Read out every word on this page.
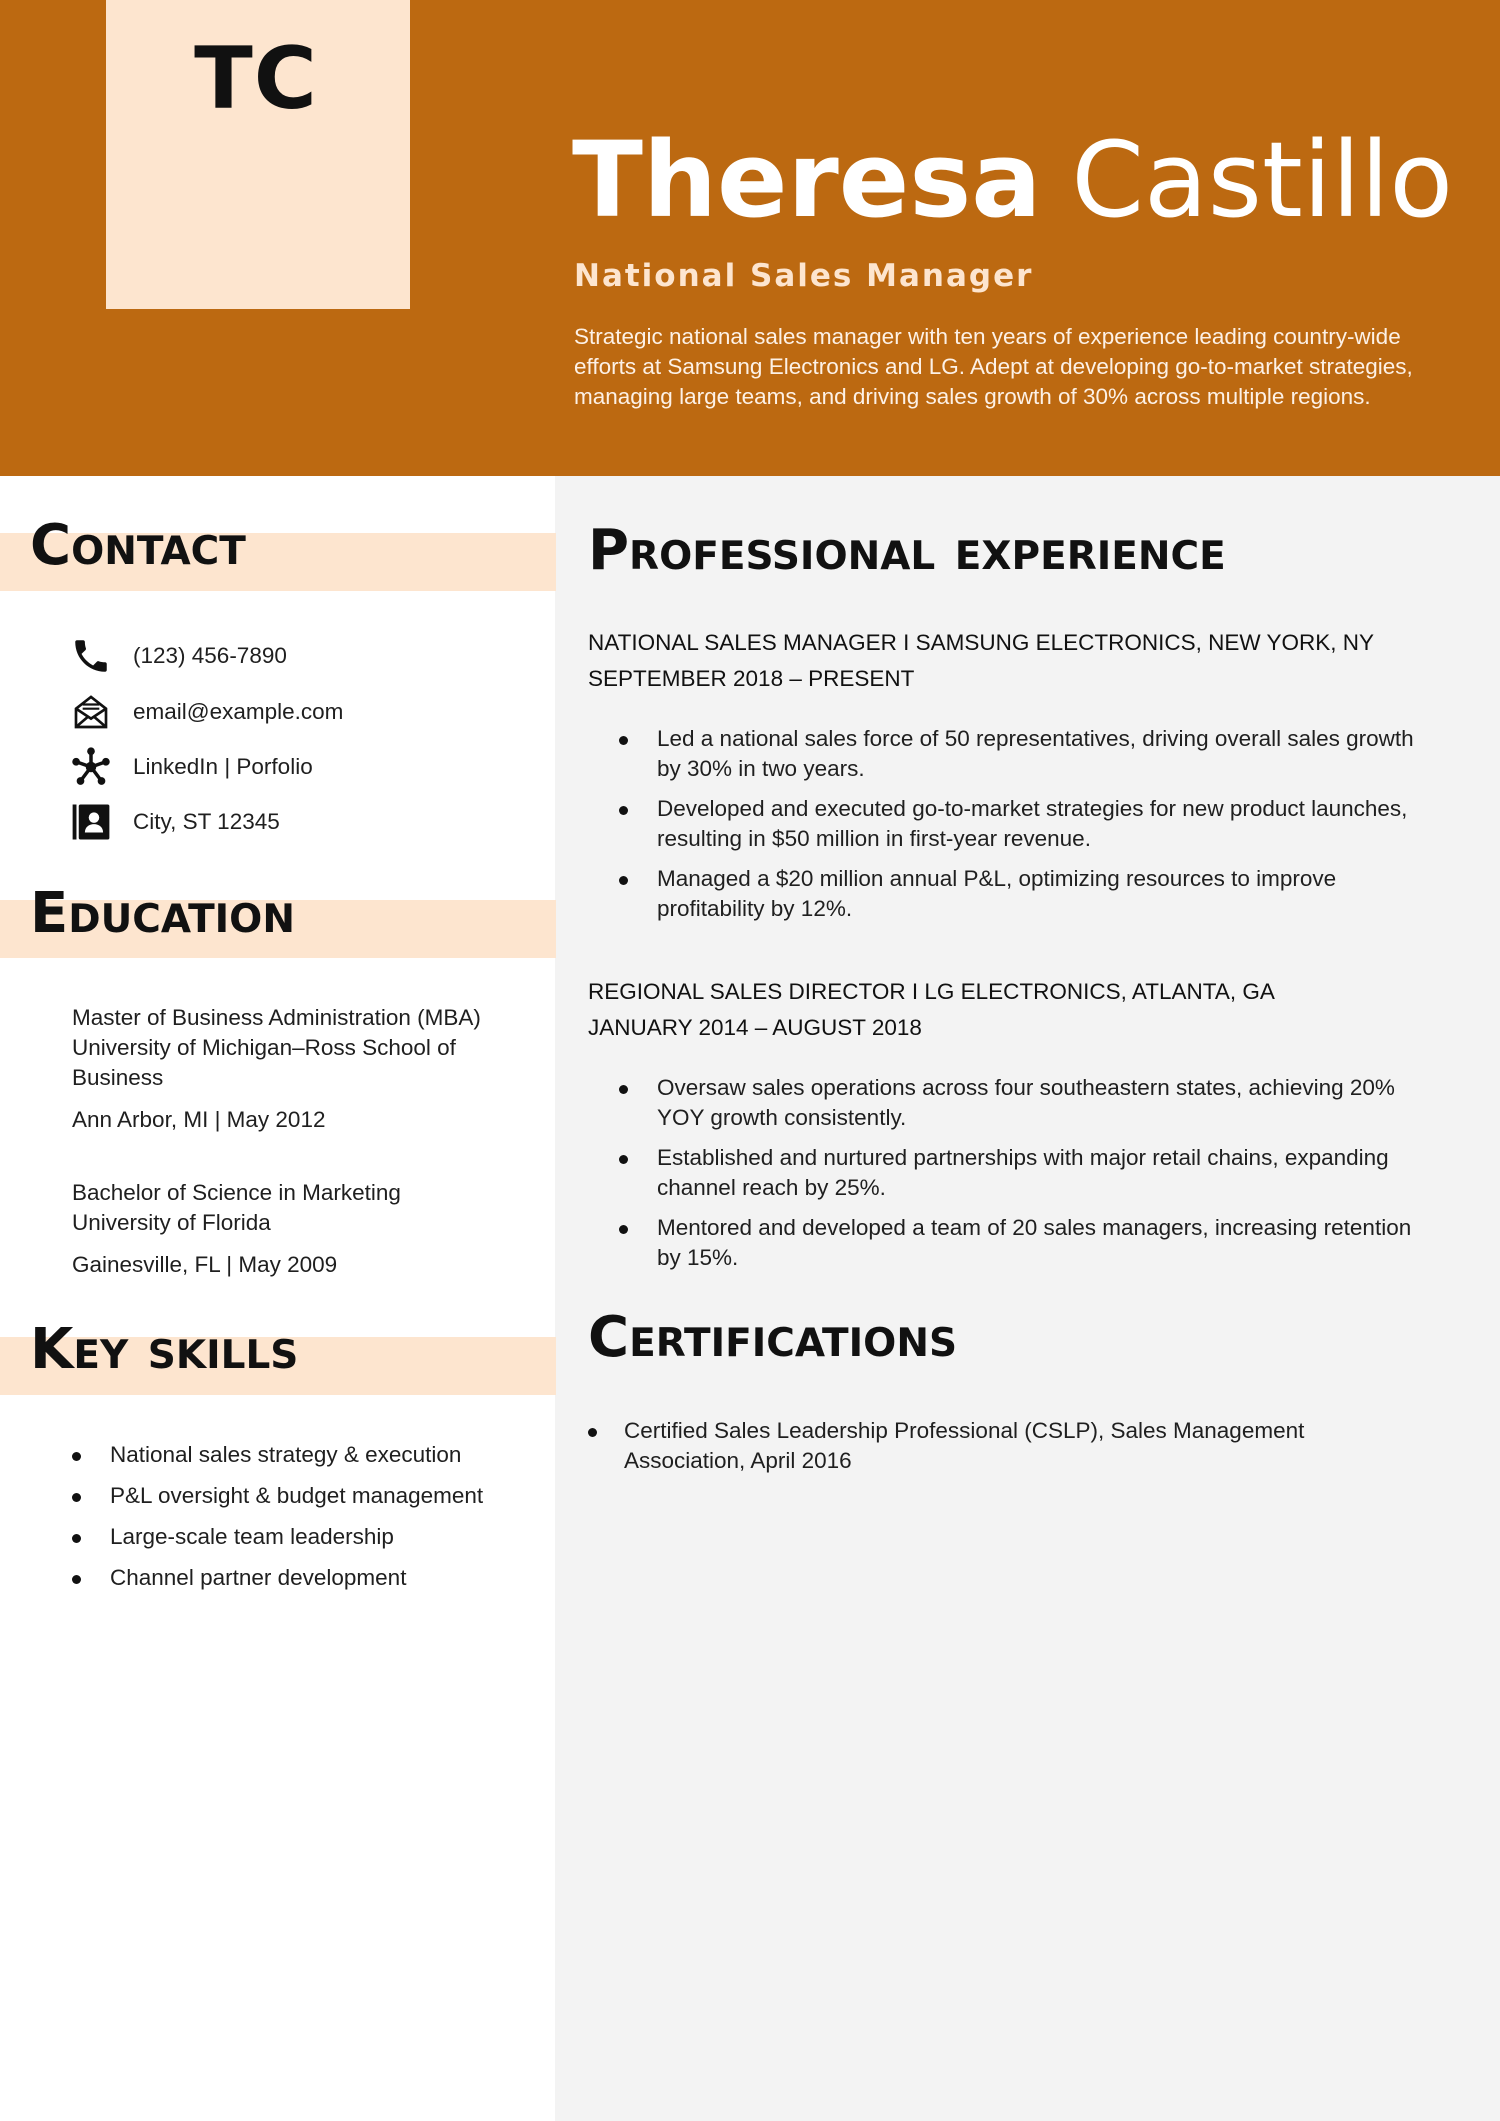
TC
Theresa Castillo
National Sales Manager

Strategic national sales manager with ten years of experience leading country-wide efforts at Samsung Electronics and LG. Adept at developing go-to-market strategies, managing large teams, and driving sales growth of 30% across multiple regions.

Contact
(123) 456-7890
email@example.com
LinkedIn | Porfolio
City, ST 12345
Education
Master of Business Administration (MBA)
University of Michigan–Ross School of Business
Ann Arbor, MI | May 2012
Bachelor of Science in Marketing
University of Florida
Gainesville, FL | May 2009
Key skills
National sales strategy & execution
P&L oversight & budget management
Large-scale team leadership
Channel partner development
Professional experience
NATIONAL SALES MANAGER I SAMSUNG ELECTRONICS, NEW YORK, NY
SEPTEMBER 2018 – PRESENT
Led a national sales force of 50 representatives, driving overall sales growth by 30% in two years.
Developed and executed go-to-market strategies for new product launches, resulting in $50 million in first-year revenue.
Managed a $20 million annual P&L, optimizing resources to improve profitability by 12%.
REGIONAL SALES DIRECTOR I LG ELECTRONICS, ATLANTA, GA
JANUARY 2014 – AUGUST 2018
Oversaw sales operations across four southeastern states, achieving 20% YOY growth consistently.
Established and nurtured partnerships with major retail chains, expanding channel reach by 25%.
Mentored and developed a team of 20 sales managers, increasing retention by 15%.
Certifications
Certified Sales Leadership Professional (CSLP), Sales Management Association, April 2016
